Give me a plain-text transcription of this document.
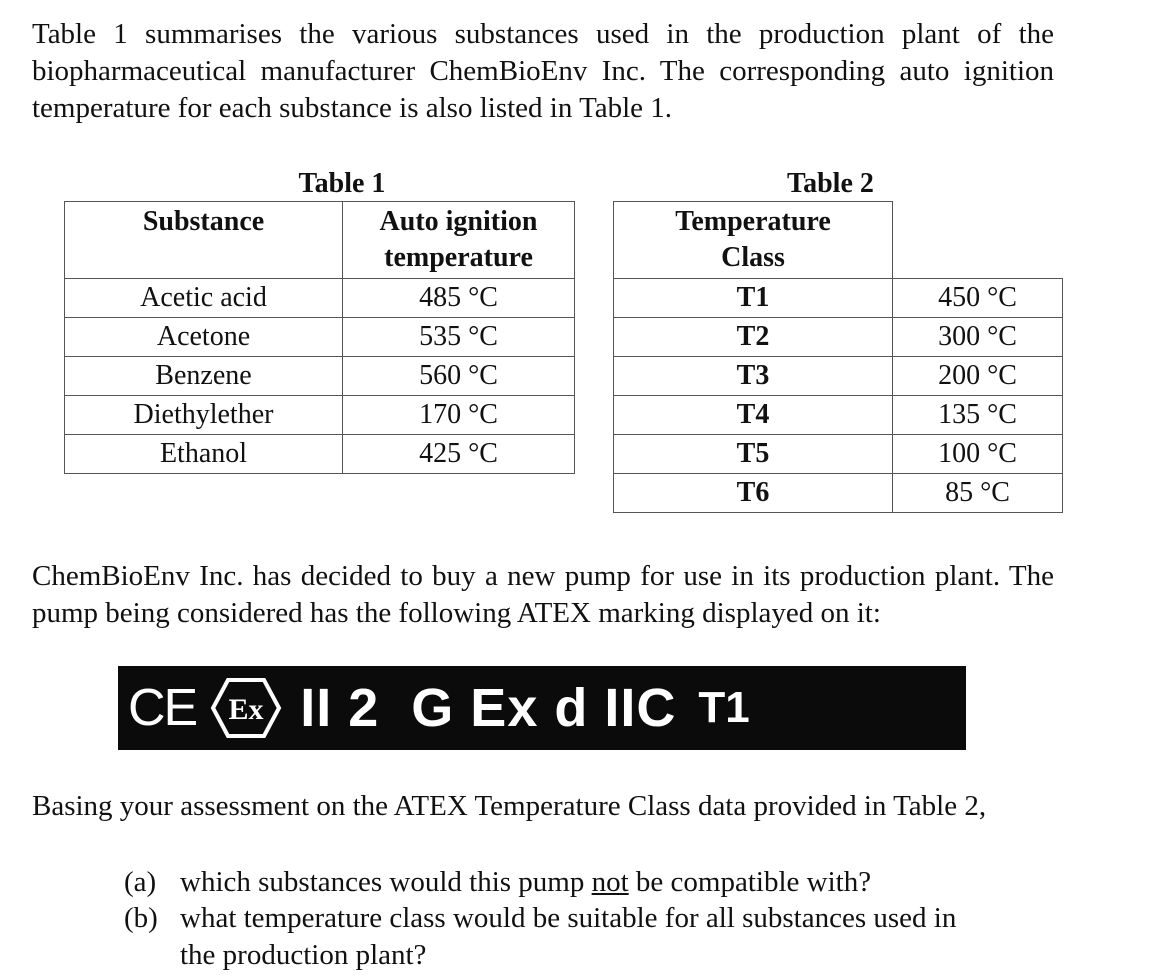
Table 1 summarises the various substances used in the production plant of the biopharmaceutical manufacturer ChemBioEnv Inc. The corresponding auto ignition temperature for each substance is also listed in Table 1.

Table 1	Table 2
Substance	Auto ignition
temperature
Acetic acid	485 °C
Acetone	535 °C
Benzene	560 °C
Diethylether	170 °C
Ethanol	425 °C
Temperature
Class	
T1	450 °C
T2	300 °C
T3	200 °C
T4	135 °C
T5	100 °C
T6	85 °C

ChemBioEnv Inc. has decided to buy a new pump for use in its production plant. The pump being considered has the following ATEX marking displayed on it:

CE Ex II 2  G Ex d IIC T1
Basing your assessment on the ATEX Temperature Class data provided in Table 2,
(a) which substances would this pump not be compatible with?
(b) what temperature class would be suitable for all substances used in
the production plant?
